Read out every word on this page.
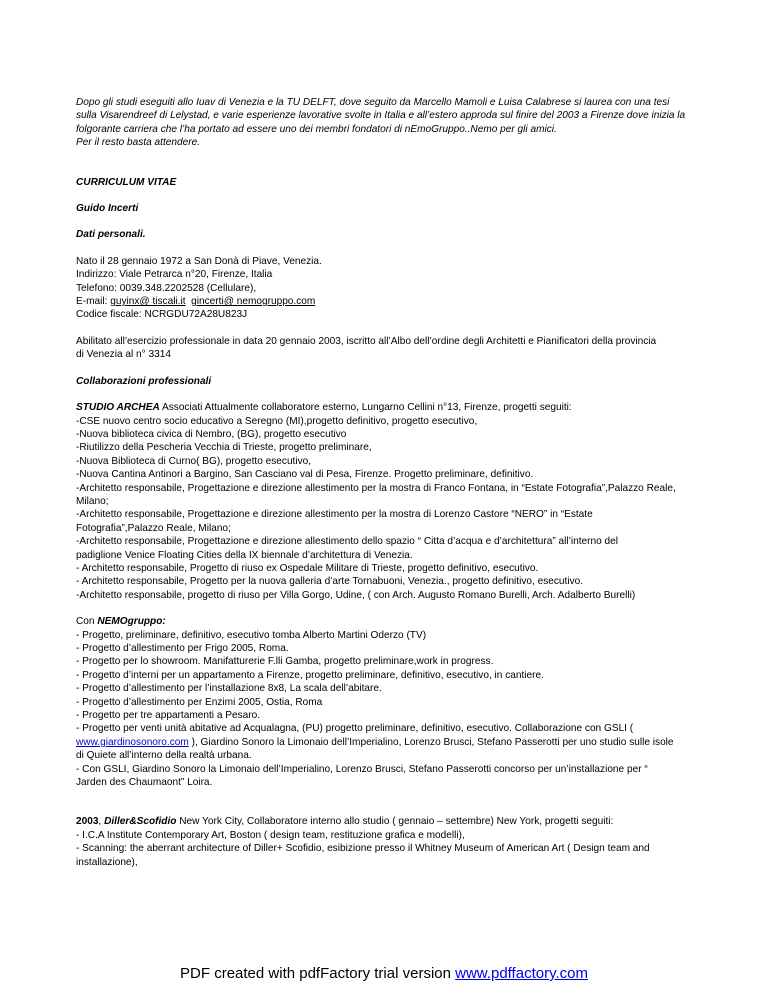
Dopo gli studi eseguiti allo Iuav di Venezia e la TU DELFT, dove seguito da Marcello Mamoli e Luisa Calabrese si laurea con una tesi
sulla Visarendreef di Lelystad, e varie esperienze lavorative svolte in Italia e all’estero approda sul finire del 2003 a Firenze dove inizia la
folgorante carriera che l’ha portato ad essere uno dei membri fondatori di nEmoGruppo..Nemo per gli amici.
Per il resto basta attendere.
CURRICULUM VITAE
Guido Incerti
Dati personali.
Nato il 28 gennaio 1972 a San Donà di Piave, Venezia.
Indirizzo: Viale Petrarca n°20, Firenze, Italia
Telefono: 0039.348.2202528 (Cellulare),
E-mail: guyinx@ tiscali.it gincerti@ nemogruppo.com
Codice fiscale: NCRGDU72A28U823J
Abilitato all’esercizio professionale in data 20 gennaio 2003, iscritto all’Albo dell’ordine degli Architetti e Pianificatori della provincia
di Venezia al n° 3314
Collaborazioni professionali
STUDIO ARCHEA Associati Attualmente collaboratore esterno, Lungarno Cellini n°13, Firenze, progetti seguiti:
-CSE nuovo centro socio educativo a Seregno (MI),progetto definitivo, progetto esecutivo,
-Nuova biblioteca civica di Nembro, (BG), progetto esecutivo
-Riutilizzo della Pescheria Vecchia di Trieste, progetto preliminare,
-Nuova Biblioteca di Curno( BG), progetto esecutivo,
-Nuova Cantina Antinori a Bargino, San Casciano val di Pesa, Firenze. Progetto preliminare, definitivo.
-Architetto responsabile, Progettazione e direzione allestimento per la mostra di Franco Fontana, in “Estate Fotografia”,Palazzo Reale,
Milano;
-Architetto responsabile, Progettazione e direzione allestimento per la mostra di Lorenzo Castore “NERO” in “Estate
Fotografia”,Palazzo Reale, Milano;
-Architetto responsabile, Progettazione e direzione allestimento dello spazio “ Citta d’acqua e d’architettura” all’interno del
padiglione Venice Floating Cities della IX biennale d’architettura di Venezia.
- Architetto responsabile, Progetto di riuso ex Ospedale Militare di Trieste, progetto definitivo, esecutivo.
- Architetto responsabile, Progetto per la nuova galleria d’arte Tornabuoni, Venezia., progetto definitivo, esecutivo.
-Architetto responsabile, progetto di riuso per Villa Gorgo, Udine, ( con Arch. Augusto Romano Burelli, Arch. Adalberto Burelli)
Con NEMOgruppo:
- Progetto, preliminare, definitivo, esecutivo tomba Alberto Martini Oderzo (TV)
- Progetto d’allestimento per Frigo 2005, Roma.
- Progetto per lo showroom. Manifatturerie F.lli Gamba, progetto preliminare,work in progress.
- Progetto d’interni per un appartamento a Firenze, progetto preliminare, definitivo, esecutivo, in cantiere.
- Progetto d’allestimento per l’installazione 8x8, La scala dell’abitare.
- Progetto d’allestimento per Enzimi 2005, Ostia, Roma
- Progetto per tre appartamenti a Pesaro.
- Progetto per venti unità abitative ad Acqualagna, (PU) progetto preliminare, definitivo, esecutivo. Collaborazione con GSLI (
www.giardinosonoro.com ), Giardino Sonoro la Limonaio dell’Imperialino, Lorenzo Brusci, Stefano Passerotti per uno studio sulle isole
di Quiete all’interno della realtà urbana.
- Con GSLI, Giardino Sonoro la Limonaio dell’Imperialino, Lorenzo Brusci, Stefano Passerotti concorso per un’installazione per “
Jarden des Chaumaont” Loira.
2003, Diller&Scofidio New York City, Collaboratore interno allo studio ( gennaio – settembre) New York, progetti seguiti:
- I.C.A Institute Contemporary Art, Boston ( design team, restituzione grafica e modelli),
- Scanning: the aberrant architecture of Diller+ Scofidio, esibizione presso il Whitney Museum of American Art ( Design team and
installazione),
PDF created with pdfFactory trial version www.pdffactory.com
